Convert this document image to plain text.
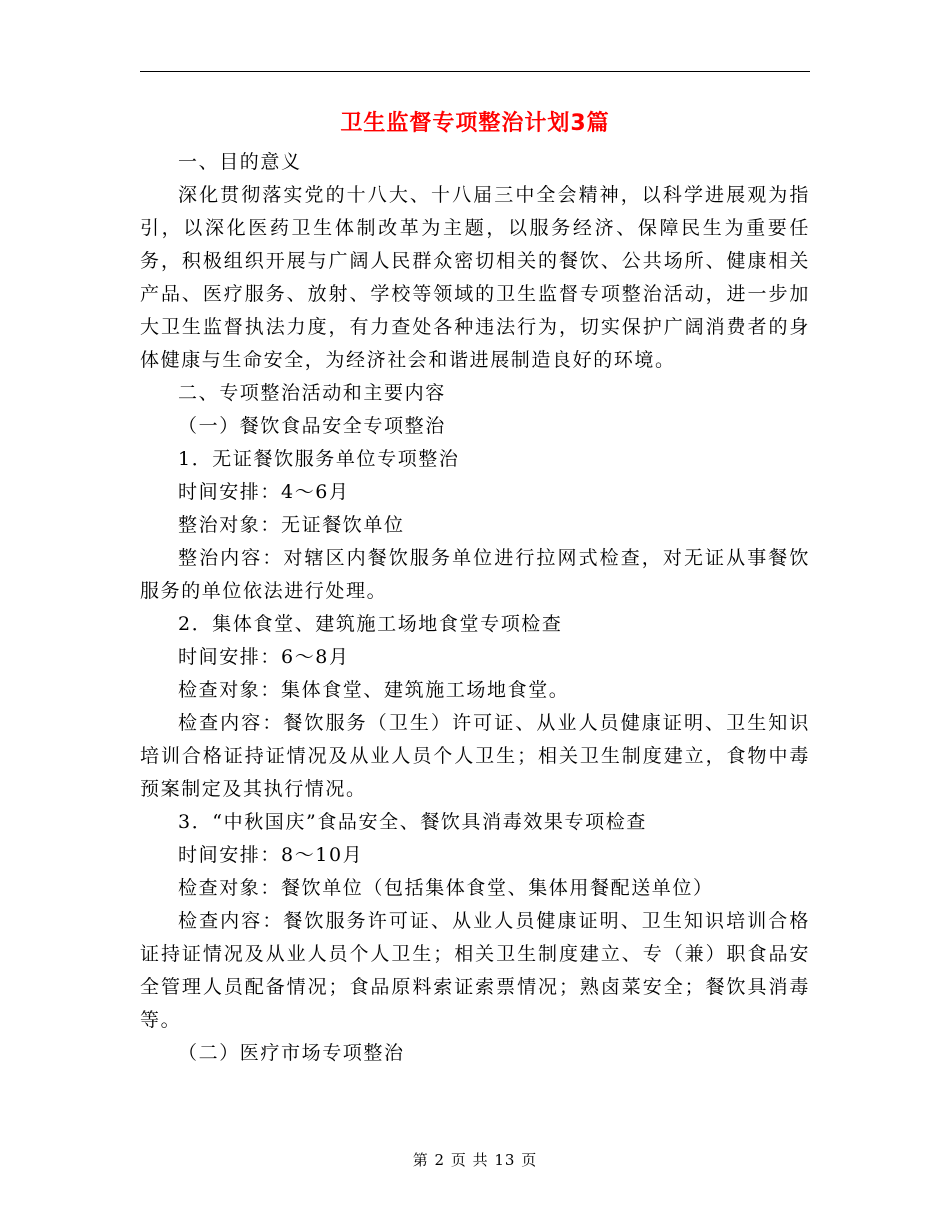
卫生监督专项整治计划3篇

一、目的意义

深化贯彻落实党的十八大、十八届三中全会精神，以科学进展观为指引，以深化医药卫生体制改革为主题，以服务经济、保障民生为重要任务，积极组织开展与广阔人民群众密切相关的餐饮、公共场所、健康相关产品、医疗服务、放射、学校等领域的卫生监督专项整治活动，进一步加大卫生监督执法力度，有力查处各种违法行为，切实保护广阔消费者的身体健康与生命安全，为经济社会和谐进展制造良好的环境。

二、专项整治活动和主要内容

（一）餐饮食品安全专项整治

1．无证餐饮服务单位专项整治

时间安排：4～6月

整治对象：无证餐饮单位

整治内容：对辖区内餐饮服务单位进行拉网式检查，对无证从事餐饮服务的单位依法进行处理。

2．集体食堂、建筑施工场地食堂专项检查

时间安排：6～8月

检查对象：集体食堂、建筑施工场地食堂。

检查内容：餐饮服务（卫生）许可证、从业人员健康证明、卫生知识培训合格证持证情况及从业人员个人卫生；相关卫生制度建立，食物中毒预案制定及其执行情况。

3．“中秋国庆”食品安全、餐饮具消毒效果专项检查

时间安排：8～10月

检查对象：餐饮单位（包括集体食堂、集体用餐配送单位）

检查内容：餐饮服务许可证、从业人员健康证明、卫生知识培训合格证持证情况及从业人员个人卫生；相关卫生制度建立、专（兼）职食品安全管理人员配备情况；食品原料索证索票情况；熟卤菜安全；餐饮具消毒等。

（二）医疗市场专项整治

第 2 页 共 13 页
